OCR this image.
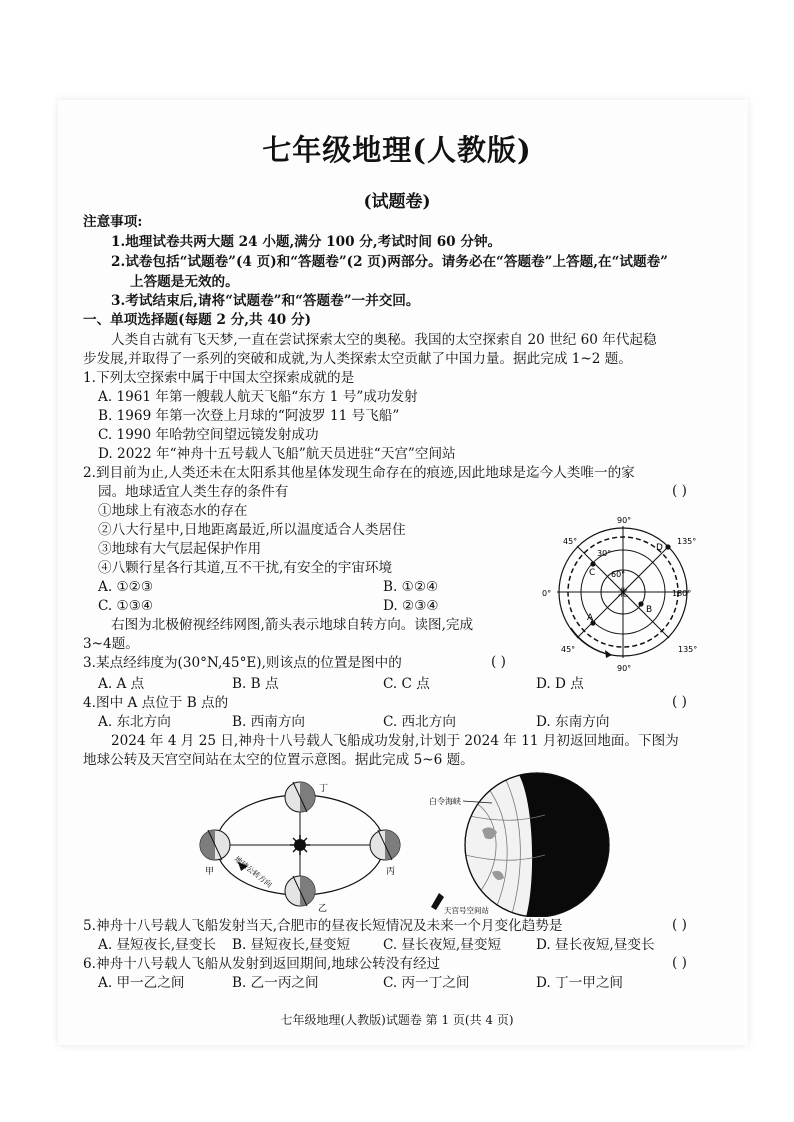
七年级地理(人教版)
(试题卷)
注意事项:
1.地理试卷共两大题 24 小题,满分 100 分,考试时间 60 分钟。
2.试卷包括“试题卷”(4 页)和“答题卷”(2 页)两部分。请务必在“答题卷”上答题,在“试题卷”
上答题是无效的。
3.考试结束后,请将“试题卷”和“答题卷”一并交回。
一、单项选择题(每题 2 分,共 40 分)
人类自古就有飞天梦,一直在尝试探索太空的奥秘。我国的太空探索自 20 世纪 60 年代起稳
步发展,并取得了一系列的突破和成就,为人类探索太空贡献了中国力量。据此完成 1~2 题。
1.下列太空探索中属于中国太空探索成就的是
A. 1961 年第一艘载人航天飞船“东方 1 号”成功发射
B. 1969 年第一次登上月球的“阿波罗 11 号飞船”
C. 1990 年哈勃空间望远镜发射成功
D. 2022 年“神舟十五号载人飞船”航天员进驻“天宫”空间站
2.到目前为止,人类还未在太阳系其他星体发现生命存在的痕迹,因此地球是迄今人类唯一的家
园。地球适宜人类生存的条件有	( )
①地球上有液态水的存在
②八大行星中,日地距离最近,所以温度适合人类居住
③地球有大气层起保护作用
④八颗行星各行其道,互不干扰,有安全的宇宙环境
A. ①②③	B. ①②④
C. ①③④	D. ②③④
右图为北极俯视经纬网图,箭头表示地球自转方向。读图,完成
3~4题。
90°
45°	135°
30°
60°
0°	180°
45°	135°
90°
北
A
B
C
D
3.某点经纬度为(30°N,45°E),则该点的位置是图中的	( )
A. A 点	B. B 点	C. C 点	D. D 点
4.图中 A 点位于 B 点的	( )
A. 东北方向	B. 西南方向	C. 西北方向	D. 东南方向
2024 年 4 月 25 日,神舟十八号载人飞船成功发射,计划于 2024 年 11 月初返回地面。下图为
地球公转及天宫空间站在太空的位置示意图。据此完成 5~6 题。
甲
丁
丙
乙
地球公转方向
白令海峡
天宫号空间站
5.神舟十八号载人飞船发射当天,合肥市的昼夜长短情况及未来一个月变化趋势是	( )
A. 昼短夜长,昼变长 B. 昼短夜长,昼变短 C. 昼长夜短,昼变短	D. 昼长夜短,昼变长
6.神舟十八号载人飞船从发射到返回期间,地球公转没有经过	( )
A. 甲一乙之间	B. 乙一丙之间	C. 丙一丁之间	D. 丁一甲之间
七年级地理(人教版)试题卷 第 1 页(共 4 页)
